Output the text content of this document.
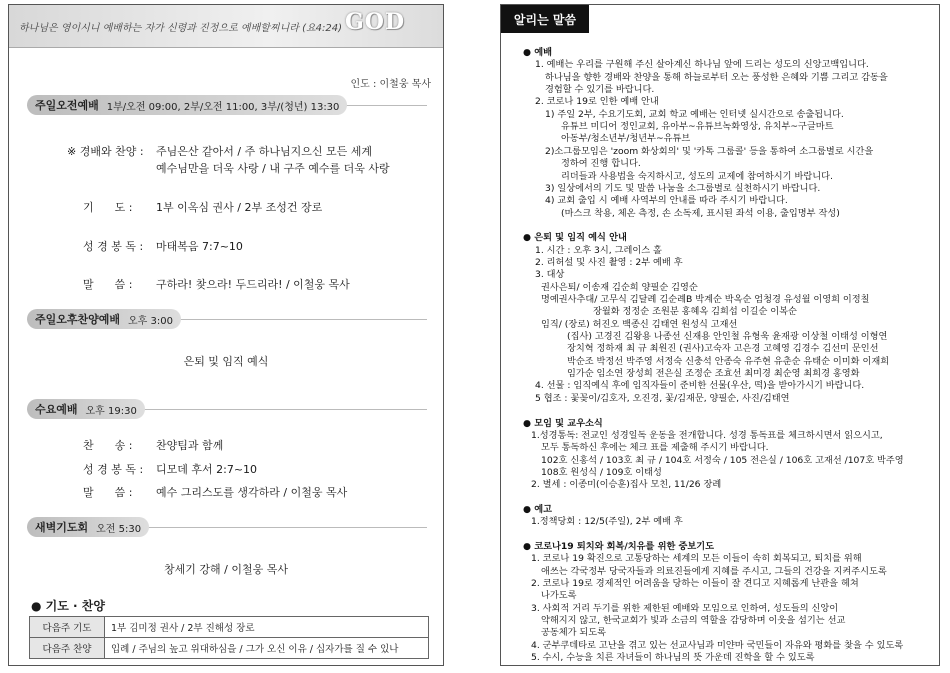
하나님은 영이시니 예배하는 자가 신령과 진정으로 예배할찌니라 (요4:24) GOD
인도 : 이철웅 목사
주일오전예배 1부/오전 09:00, 2부/오전 11:00, 3부/(청년) 13:30
※ 경배와 찬양 : 주님은산 같아서 / 주 하나님지으신 모든 세계
예수님만을 더욱 사랑 / 내 구주 예수를 더욱 사랑
기      도 : 1부 이옥심 권사 / 2부 조성건 장로
성 경 봉 독 : 마태복음 7:7~10
말      씀 : 구하라! 찾으라! 두드리라! / 이철웅 목사
주일오후찬양예배 오후 3:00
은퇴 및 임직 예식
수요예배 오후 19:30
찬      송 : 찬양팀과 함께
성 경 봉 독 : 디모데 후서 2:7~10
말      씀 : 예수 그리스도를 생각하라 / 이철웅 목사
새벽기도회 오전 5:30
창세기 강해 / 이철웅 목사
● 기도 · 찬양
다음주 기도	1부 김미정 권사 / 2부 진해성 장로
다음주 찬양	입례 / 주님의 높고 위대하심을 / 그가 오신 이유 / 십자가를 질 수 있나
알리는 말씀
● 예배
1. 예배는 우리를 구원해 주신 살아계신 하나님 앞에 드리는 성도의 신앙고백입니다.
하나님을 향한 경배와 찬양을 통해 하늘로부터 오는 풍성한 은혜와 기쁨 그리고 감동을
경험할 수 있기를 바랍니다.
2. 코로나 19로 인한 예배 안내
1) 주일 2부, 수요기도회, 교회 학교 예배는 인터넷 실시간으로 송출됩니다.
유튜브 미디어 정인교회, 유아부~유튜브녹화영상, 유치부~구글마트
아동부/청소년부/청년부~유튜브
2)소그룹모임은 'zoom 화상회의' 및 '카톡 그룹콜' 등을 통하여 소그룹별로 시간을
정하여 진행 합니다.
리더들과 사용법을 숙지하시고, 성도의 교제에 참여하시기 바랍니다.
3) 일상에서의 기도 및 말씀 나눔을 소그룹별로 실천하시기 바랍니다.
4) 교회 출입 시 예배 사역부의 안내를 따라 주시기 바랍니다.
(마스크 착용, 체온 측정, 손 소독제, 표시된 좌석 이용, 출입명부 작성)
● 은퇴 및 임직 예식 안내
1. 시간 : 오후 3시, 그레이스 홀
2. 리허설 및 사진 촬영 : 2부 예배 후
3. 대상
권사은퇴/ 이송재 김순희 양필순 김영순
명예권사추대/ 고무식 김달례 김순례B 박계순 박옥순 엄청경 유성월 이영희 이정칠
장월화 정정순 조원분 홍혜옥 김희섭 이길순 이복순
임직/ (장로) 허진오 백종신 김태연 원성식 고재선
(집사) 고경진 김왕용 나종선 신재용 안인철 유형욱 윤재광 이상철 이태성 이형연
장치혁 정하재 최 규 최원진 (권사)고숙자 고은경 고혜영 김경수 김선미 문인선
박순조 박정선 박주영 서정숙 신충석 안종숙 유주현 유춘순 유태순 이미화 이재희
임가순 임소연 장성희 전은실 조정순 조효선 최미경 최순영 최희경 홍영화
4. 선물 : 임직예식 후에 임직자들이 준비한 선물(우산, 떡)을 받아가시기 바랍니다.
5 협조 : 꽃꽂이/김호자, 오진경, 꽃/김재문, 양필순, 사진/김태연
● 모임 및 교우소식
1.성경통독: 전교인 성경일독 운동을 전개합니다. 성경 통독표를 체크하시면서 읽으시고,
모두 통독하신 후에는 체크 표를 제출해 주시기 바랍니다.
102호 신홍석 / 103호 최 규 / 104호 서정숙 / 105 전은실 / 106호 고재선 /107호 박주영
108호 원성식 / 109호 이태성
2. 별세 : 이종미(이승훈)집사 모친, 11/26 장례
● 예고
1.정책당회 : 12/5(주일), 2부 예배 후
● 코로나19 퇴치와 회복/치유를 위한 중보기도
1. 코로나 19 확진으로 고통당하는 세계의 모든 이들이 속히 회복되고, 퇴치를 위해
애쓰는 각국정부 당국자들과 의료진들에게 지혜를 주시고, 그들의 건강을 지켜주시도록
2. 코로나 19로 경제적인 어려움을 당하는 이들이 잘 견디고 지혜롭게 난관을 헤쳐
나가도록
3. 사회적 거리 두기를 위한 제한된 예배와 모임으로 인하여, 성도들의 신앙이
약해지지 않고, 한국교회가 빛과 소금의 역할을 감당하며 이웃을 섬기는 선교
공동체가 되도록
4. 군부쿠데타로 고난을 겪고 있는 선교사님과 미얀마 국민들이 자유와 평화를 찾을 수 있도록
5. 수시, 수능을 치른 자녀들이 하나님의 뜻 가운데 진학을 할 수 있도록
